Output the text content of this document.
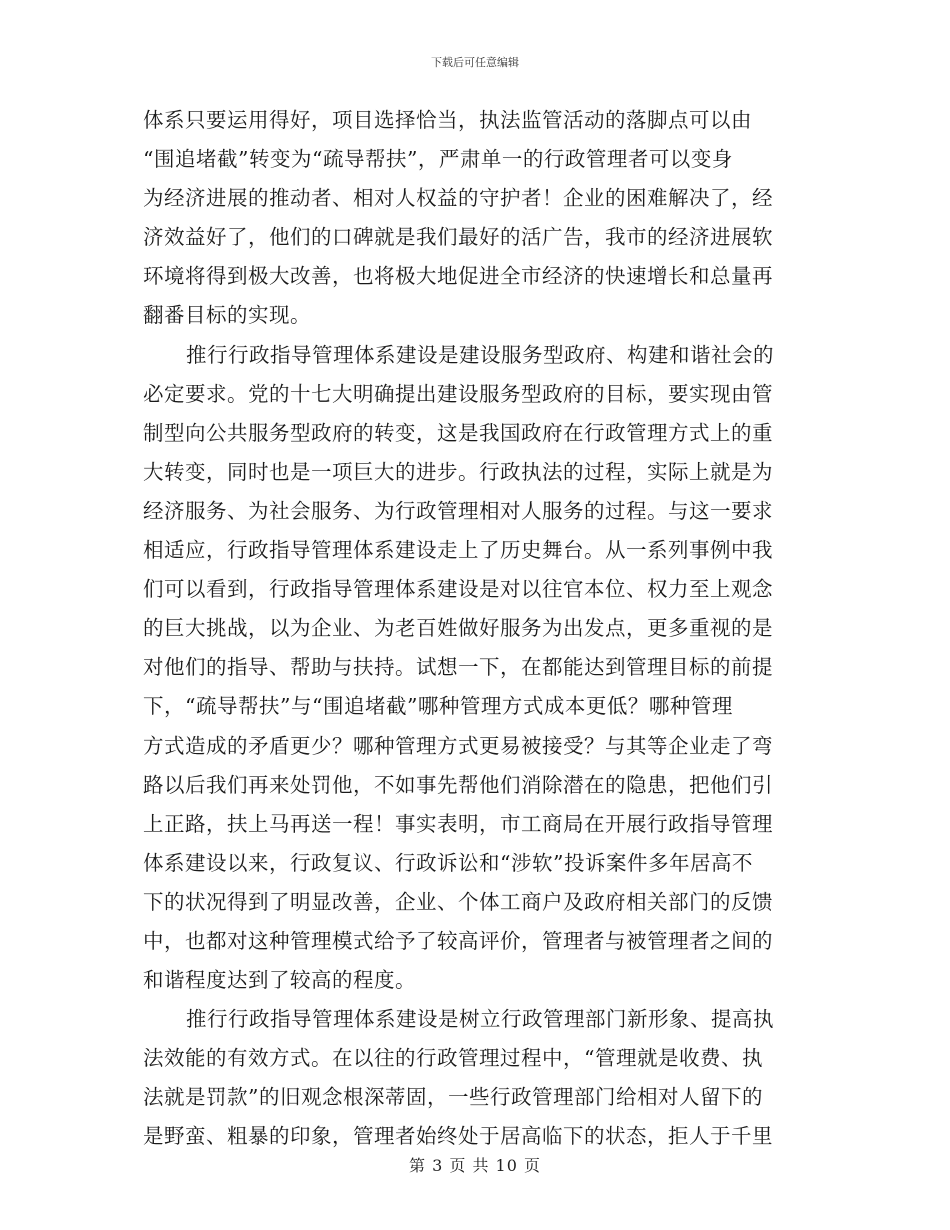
下载后可任意编辑
体系只要运用得好，项目选择恰当，执法监管活动的落脚点可以由
“围追堵截”转变为“疏导帮扶”，严肃单一的行政管理者可以变身
为经济进展的推动者、相对人权益的守护者！企业的困难解决了，经
济效益好了，他们的口碑就是我们最好的活广告，我市的经济进展软
环境将得到极大改善，也将极大地促进全市经济的快速增长和总量再
翻番目标的实现。
推行行政指导管理体系建设是建设服务型政府、构建和谐社会的
必定要求。党的十七大明确提出建设服务型政府的目标，要实现由管
制型向公共服务型政府的转变，这是我国政府在行政管理方式上的重
大转变，同时也是一项巨大的进步。行政执法的过程，实际上就是为
经济服务、为社会服务、为行政管理相对人服务的过程。与这一要求
相适应，行政指导管理体系建设走上了历史舞台。从一系列事例中我
们可以看到，行政指导管理体系建设是对以往官本位、权力至上观念
的巨大挑战，以为企业、为老百姓做好服务为出发点，更多重视的是
对他们的指导、帮助与扶持。试想一下，在都能达到管理目标的前提
下，“疏导帮扶”与“围追堵截”哪种管理方式成本更低？哪种管理
方式造成的矛盾更少？哪种管理方式更易被接受？与其等企业走了弯
路以后我们再来处罚他，不如事先帮他们消除潜在的隐患，把他们引
上正路，扶上马再送一程！事实表明，市工商局在开展行政指导管理
体系建设以来，行政复议、行政诉讼和“涉软”投诉案件多年居高不
下的状况得到了明显改善，企业、个体工商户及政府相关部门的反馈
中，也都对这种管理模式给予了较高评价，管理者与被管理者之间的
和谐程度达到了较高的程度。
推行行政指导管理体系建设是树立行政管理部门新形象、提高执
法效能的有效方式。在以往的行政管理过程中，“管理就是收费、执
法就是罚款”的旧观念根深蒂固，一些行政管理部门给相对人留下的
是野蛮、粗暴的印象，管理者始终处于居高临下的状态，拒人于千里
第 3 页 共 10 页
